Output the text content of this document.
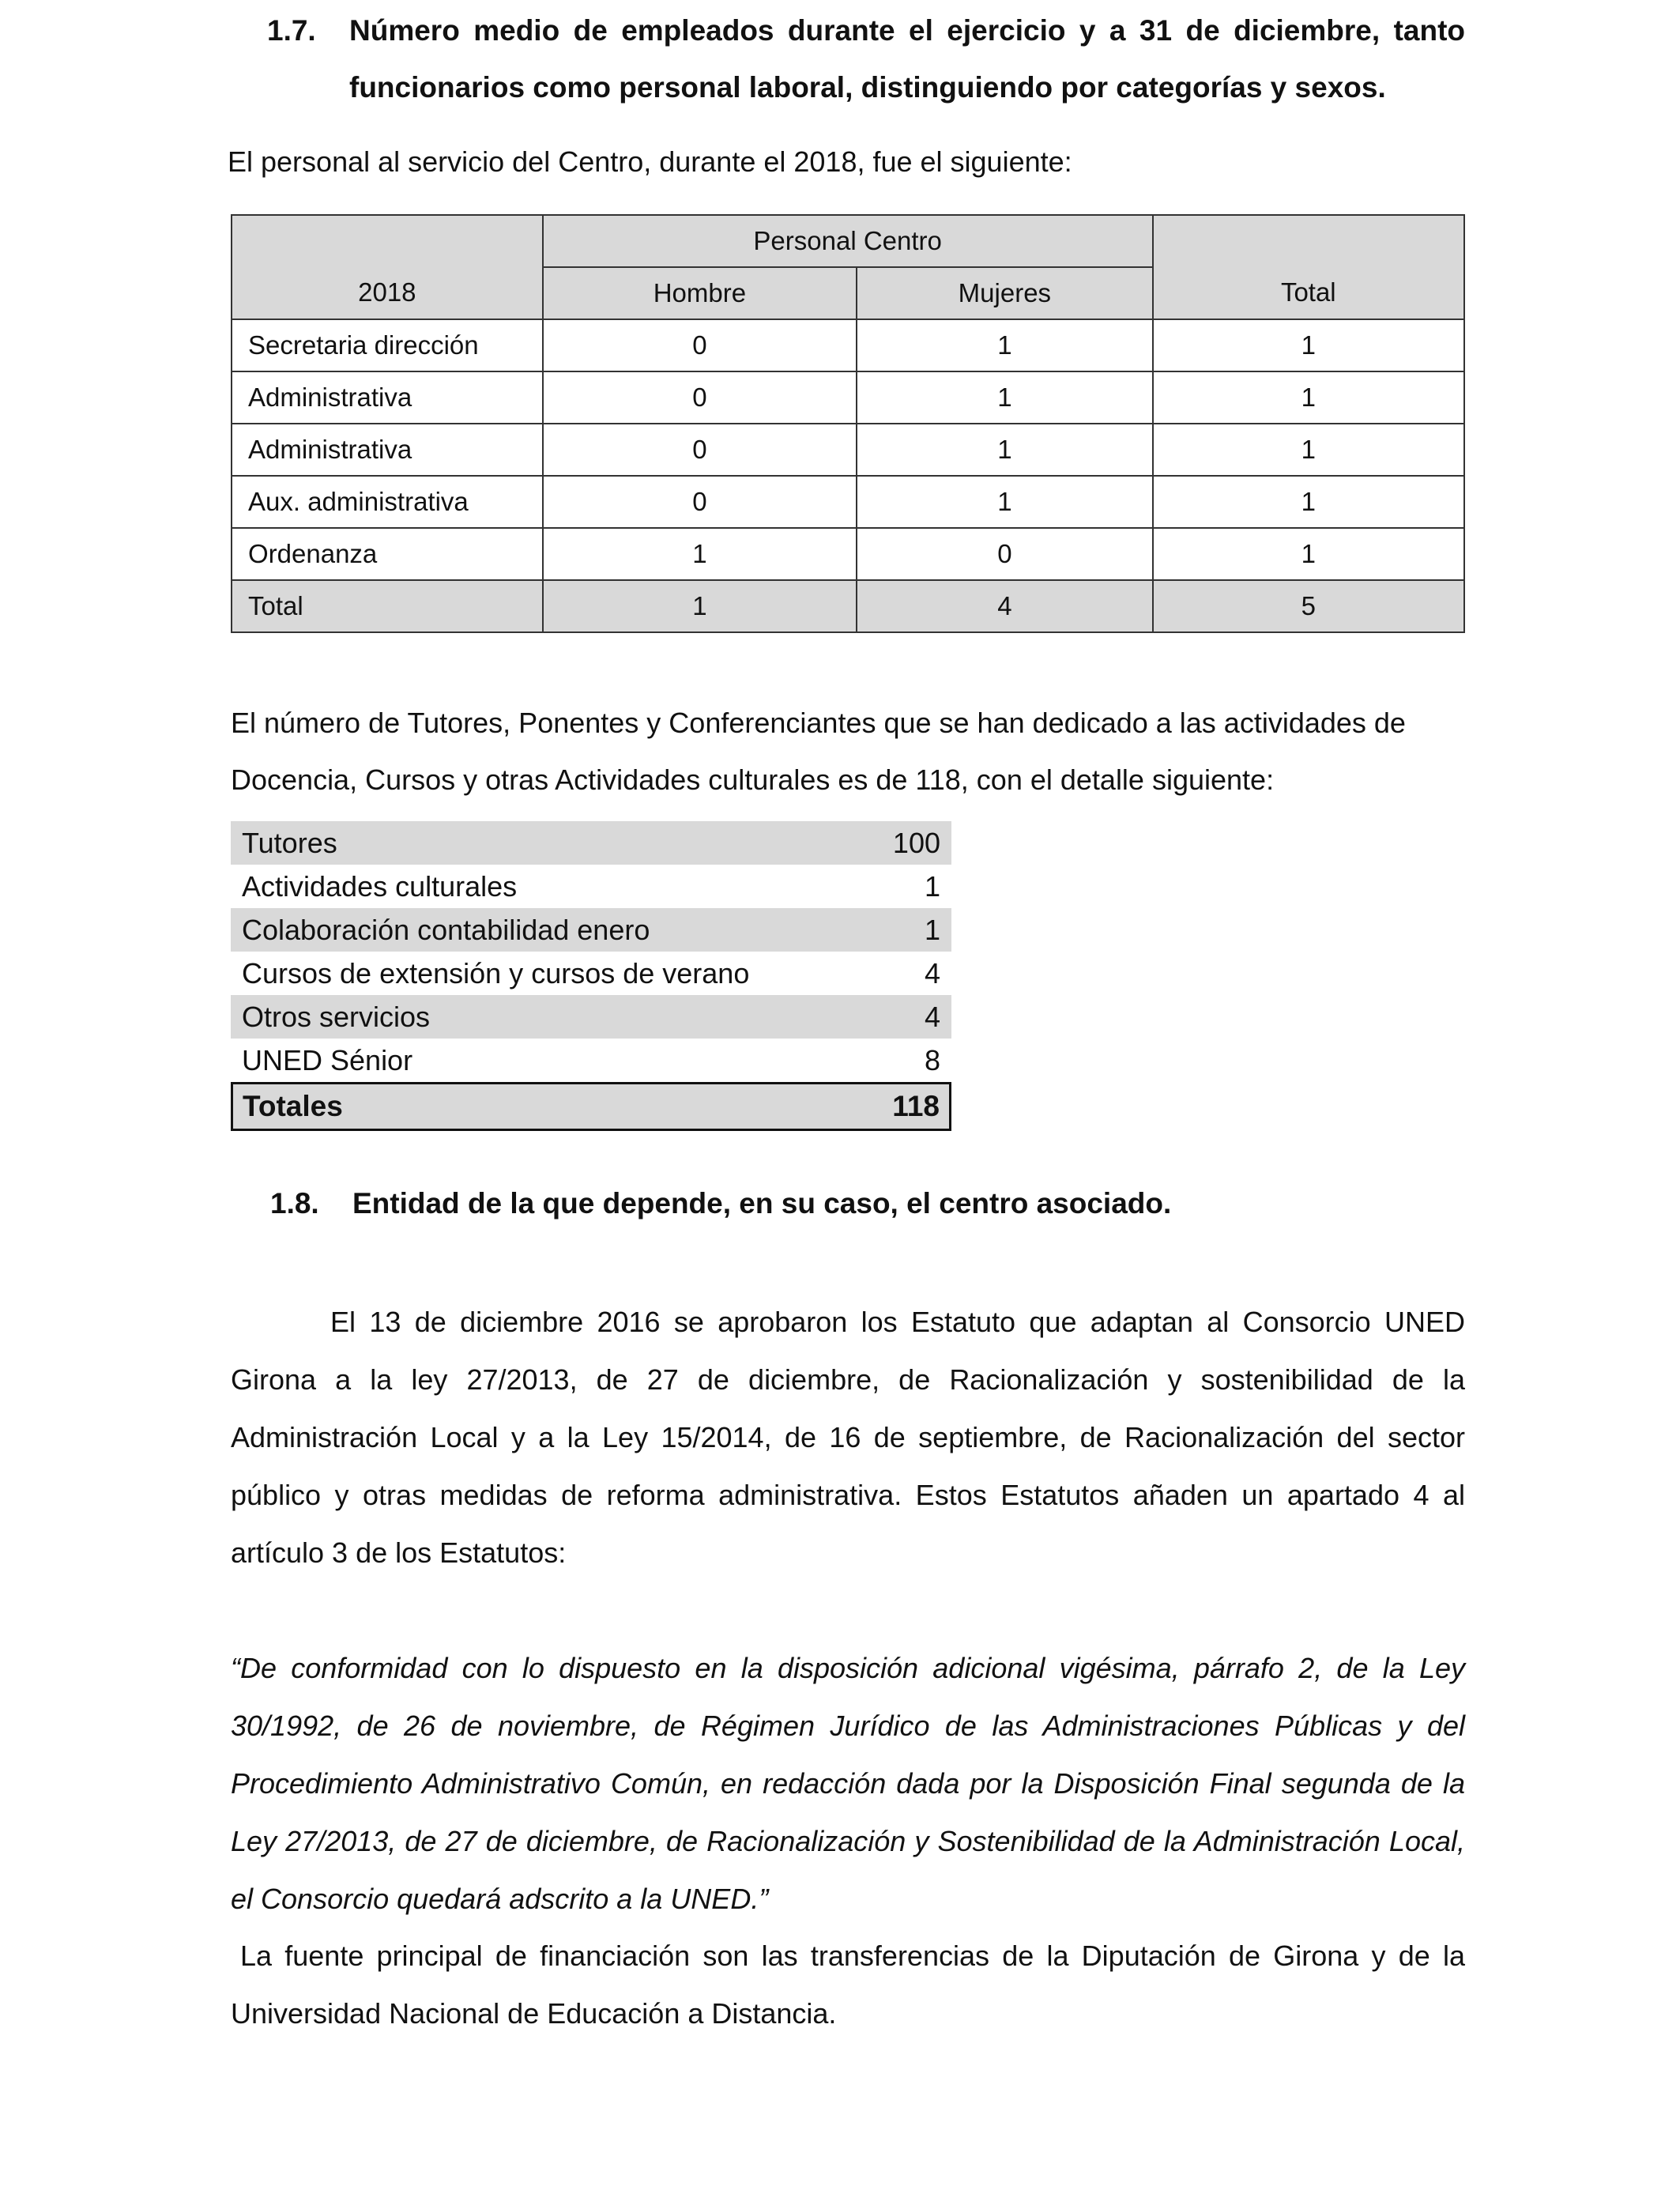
1.7. Número medio de empleados durante el ejercicio y a 31 de diciembre, tanto
funcionarios como personal laboral, distinguiendo por categorías y sexos.
El personal al servicio del Centro, durante el 2018, fue el siguiente:
2018	Personal Centro		Total
	Hombre	Mujeres	
Secretaria dirección	0	1	1
Administrativa	0	1	1
Administrativa	0	1	1
Aux. administrativa	0	1	1
Ordenanza	1	0	1
Total	1	4	5
El número de Tutores, Ponentes y Conferenciantes que se han dedicado a las actividades de
Docencia, Cursos y otras Actividades culturales es de 118, con el detalle siguiente:
Tutores	100
Actividades culturales	1
Colaboración contabilidad enero	1
Cursos de extensión y cursos de verano	4
Otros servicios	4
UNED Sénior	8
Totales	118
1.8. Entidad de la que depende, en su caso, el centro asociado.
El 13 de diciembre 2016 se aprobaron los Estatuto que adaptan al Consorcio UNED Girona a la ley 27/2013, de 27 de diciembre, de Racionalización y sostenibilidad de la Administración Local y a la Ley 15/2014, de 16 de septiembre, de Racionalización del sector público y otras medidas de reforma administrativa. Estos Estatutos añaden un apartado 4 al artículo 3 de los Estatutos:
“De conformidad con lo dispuesto en la disposición adicional vigésima, párrafo 2, de la Ley 30/1992, de 26 de noviembre, de Régimen Jurídico de las Administraciones Públicas y del Procedimiento Administrativo Común, en redacción dada por la Disposición Final segunda de la Ley 27/2013, de 27 de diciembre, de Racionalización y Sostenibilidad de la Administración Local, el Consorcio quedará adscrito a la UNED.”
La fuente principal de financiación son las transferencias de la Diputación de Girona y de la Universidad Nacional de Educación a Distancia.
